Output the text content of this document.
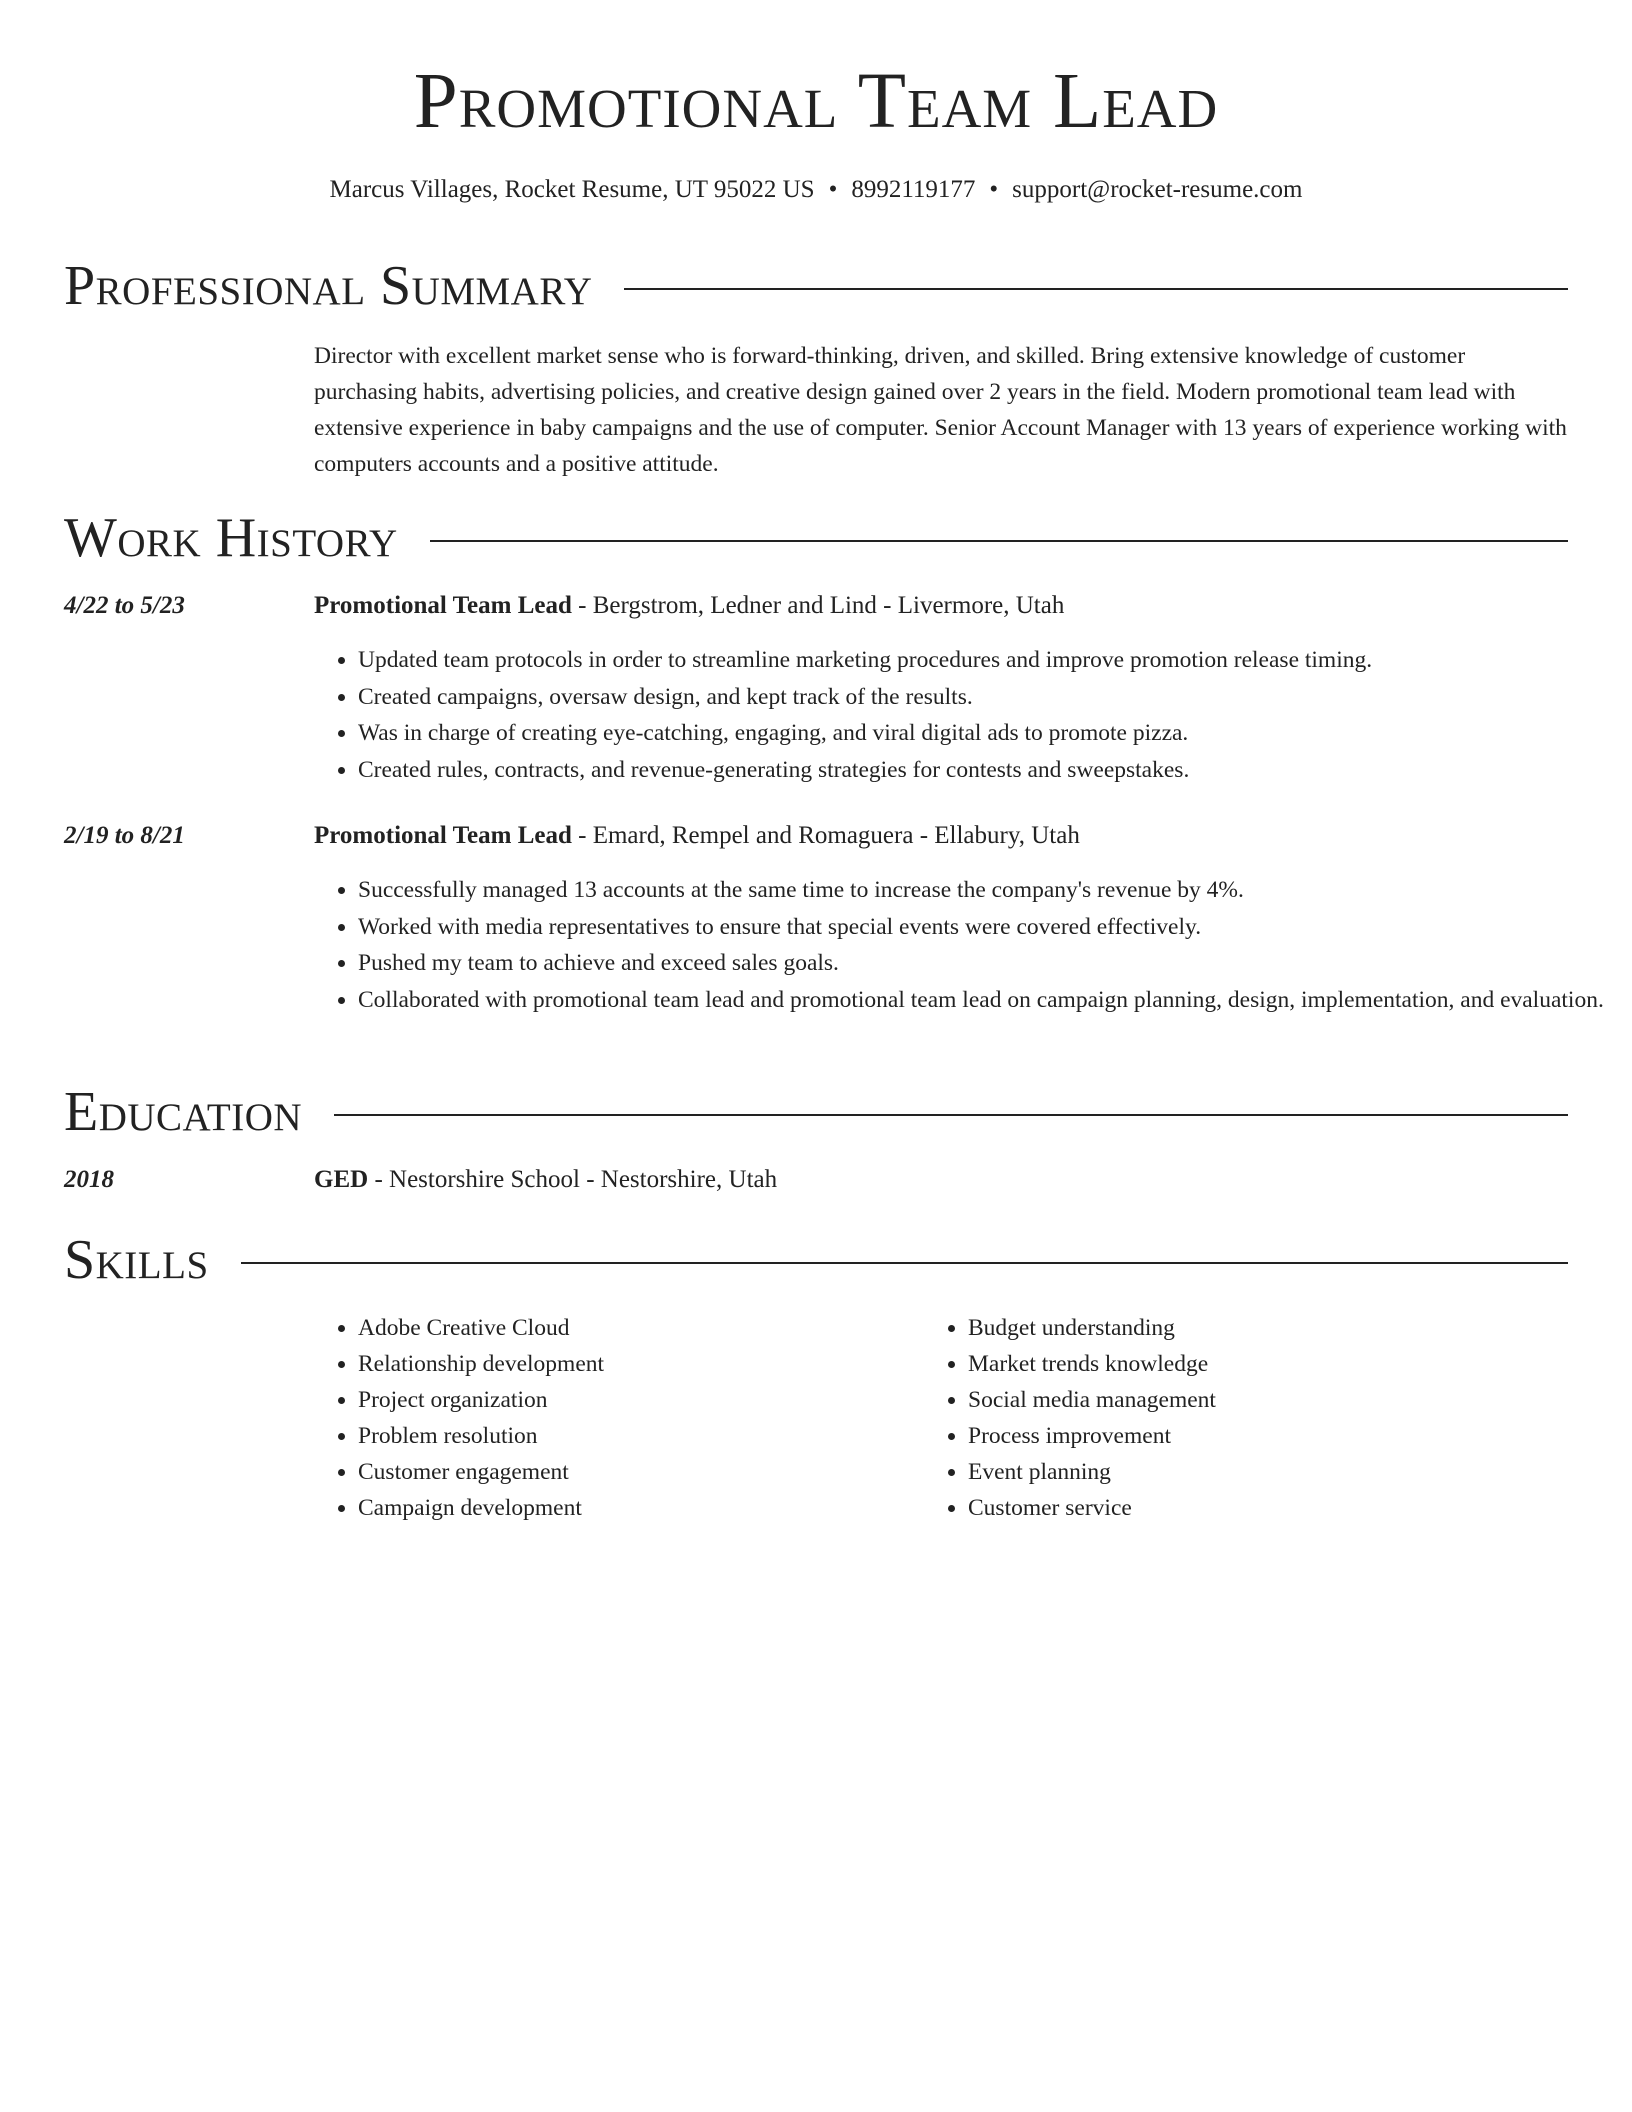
Promotional Team Lead
Marcus Villages, Rocket Resume, UT 95022 US • 8992119177 • support@rocket-resume.com
Professional Summary

Director with excellent market sense who is forward-thinking, driven, and skilled. Bring extensive knowledge of customer purchasing habits, advertising policies, and creative design gained over 2 years in the field. Modern promotional team lead with extensive experience in baby campaigns and the use of computer. Senior Account Manager with 13 years of experience working with computers accounts and a positive attitude.

Work History
4/22 to 5/23	Promotional Team Lead - Bergstrom, Ledner and Lind - Livermore, Utah
• Updated team protocols in order to streamline marketing procedures and improve promotion release timing.
• Created campaigns, oversaw design, and kept track of the results.
• Was in charge of creating eye-catching, engaging, and viral digital ads to promote pizza.
• Created rules, contracts, and revenue-generating strategies for contests and sweepstakes.
2/19 to 8/21	Promotional Team Lead - Emard, Rempel and Romaguera - Ellabury, Utah
• Successfully managed 13 accounts at the same time to increase the company's revenue by 4%.
• Worked with media representatives to ensure that special events were covered effectively.
• Pushed my team to achieve and exceed sales goals.
• Collaborated with promotional team lead and promotional team lead on campaign planning, design, implementation, and evaluation.
Education
2018	GED - Nestorshire School - Nestorshire, Utah
Skills
• Adobe Creative Cloud
• Relationship development
• Project organization
• Problem resolution
• Customer engagement
• Campaign development
• Budget understanding
• Market trends knowledge
• Social media management
• Process improvement
• Event planning
• Customer service
